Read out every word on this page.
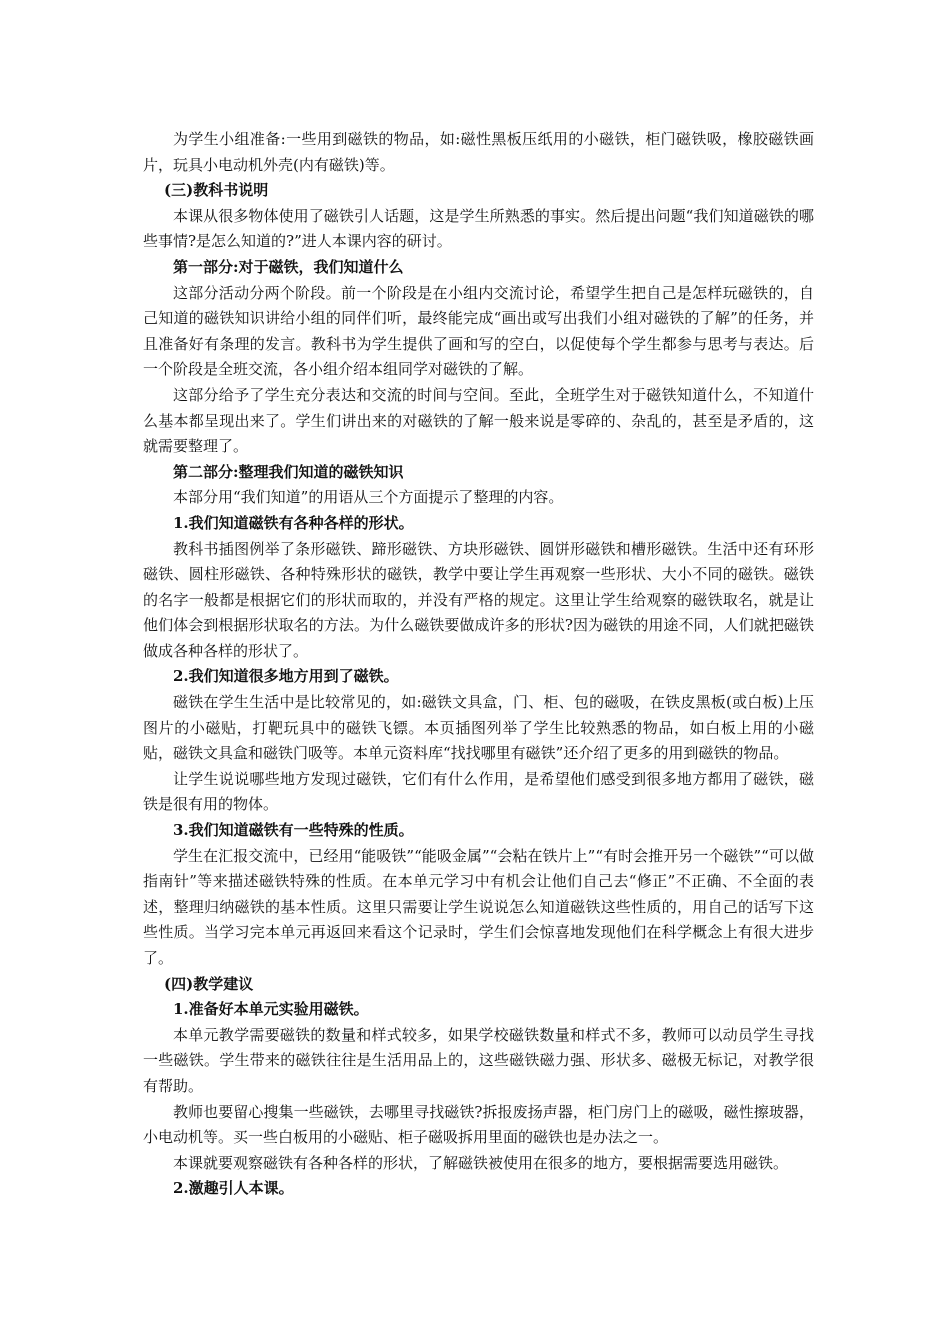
为学生小组准备:一些用到磁铁的物品，如:磁性黑板压纸用的小磁铁，柜门磁铁吸，橡胶磁铁画片，玩具小电动机外壳(内有磁铁)等。

(三)教科书说明

本课从很多物体使用了磁铁引人话题，这是学生所熟悉的事实。然后提出问题“我们知道磁铁的哪些事情?是怎么知道的?”进人本课内容的研讨。

第一部分:对于磁铁，我们知道什么

这部分活动分两个阶段。前一个阶段是在小组内交流讨论，希望学生把自己是怎样玩磁铁的，自己知道的磁铁知识讲给小组的同伴们听，最终能完成“画出或写出我们小组对磁铁的了解”的任务，并且准备好有条理的发言。教科书为学生提供了画和写的空白，以促使每个学生都参与思考与表达。后一个阶段是全班交流，各小组介绍本组同学对磁铁的了解。

这部分给予了学生充分表达和交流的时间与空间。至此，全班学生对于磁铁知道什么，不知道什么基本都呈现出来了。学生们讲出来的对磁铁的了解一般来说是零碎的、杂乱的，甚至是矛盾的，这就需要整理了。

第二部分:整理我们知道的磁铁知识

本部分用“我们知道”的用语从三个方面提示了整理的内容。

1.我们知道磁铁有各种各样的形状。

教科书插图例举了条形磁铁、蹄形磁铁、方块形磁铁、圆饼形磁铁和槽形磁铁。生活中还有环形磁铁、圆柱形磁铁、各种特殊形状的磁铁，教学中要让学生再观察一些形状、大小不同的磁铁。磁铁的名字一般都是根据它们的形状而取的，并没有严格的规定。这里让学生给观察的磁铁取名，就是让他们体会到根据形状取名的方法。为什么磁铁要做成许多的形状?因为磁铁的用途不同，人们就把磁铁做成各种各样的形状了。

2.我们知道很多地方用到了磁铁。

磁铁在学生生活中是比较常见的，如:磁铁文具盒，门、柜、包的磁吸，在铁皮黑板(或白板)上压图片的小磁贴，打靶玩具中的磁铁飞镖。本页插图列举了学生比较熟悉的物品，如白板上用的小磁贴，磁铁文具盒和磁铁门吸等。本单元资料库“找找哪里有磁铁”还介绍了更多的用到磁铁的物品。

让学生说说哪些地方发现过磁铁，它们有什么作用，是希望他们感受到很多地方都用了磁铁，磁铁是很有用的物体。

3.我们知道磁铁有一些特殊的性质。

学生在汇报交流中，已经用“能吸铁”“能吸金属”“会粘在铁片上”“有时会推开另一个磁铁”“可以做指南针”等来描述磁铁特殊的性质。在本单元学习中有机会让他们自己去“修正”不正确、不全面的表述，整理归纳磁铁的基本性质。这里只需要让学生说说怎么知道磁铁这些性质的，用自己的话写下这些性质。当学习完本单元再返回来看这个记录时，学生们会惊喜地发现他们在科学概念上有很大进步了。

(四)教学建议

1.准备好本单元实验用磁铁。

本单元教学需要磁铁的数量和样式较多，如果学校磁铁数量和样式不多，教师可以动员学生寻找一些磁铁。学生带来的磁铁往往是生活用品上的，这些磁铁磁力强、形状多、磁极无标记，对教学很有帮助。

教师也要留心搜集一些磁铁，去哪里寻找磁铁?拆报废扬声器，柜门房门上的磁吸，磁性擦玻器，小电动机等。买一些白板用的小磁贴、柜子磁吸拆用里面的磁铁也是办法之一。

本课就要观察磁铁有各种各样的形状，了解磁铁被使用在很多的地方，要根据需要选用磁铁。

2.激趣引人本课。
